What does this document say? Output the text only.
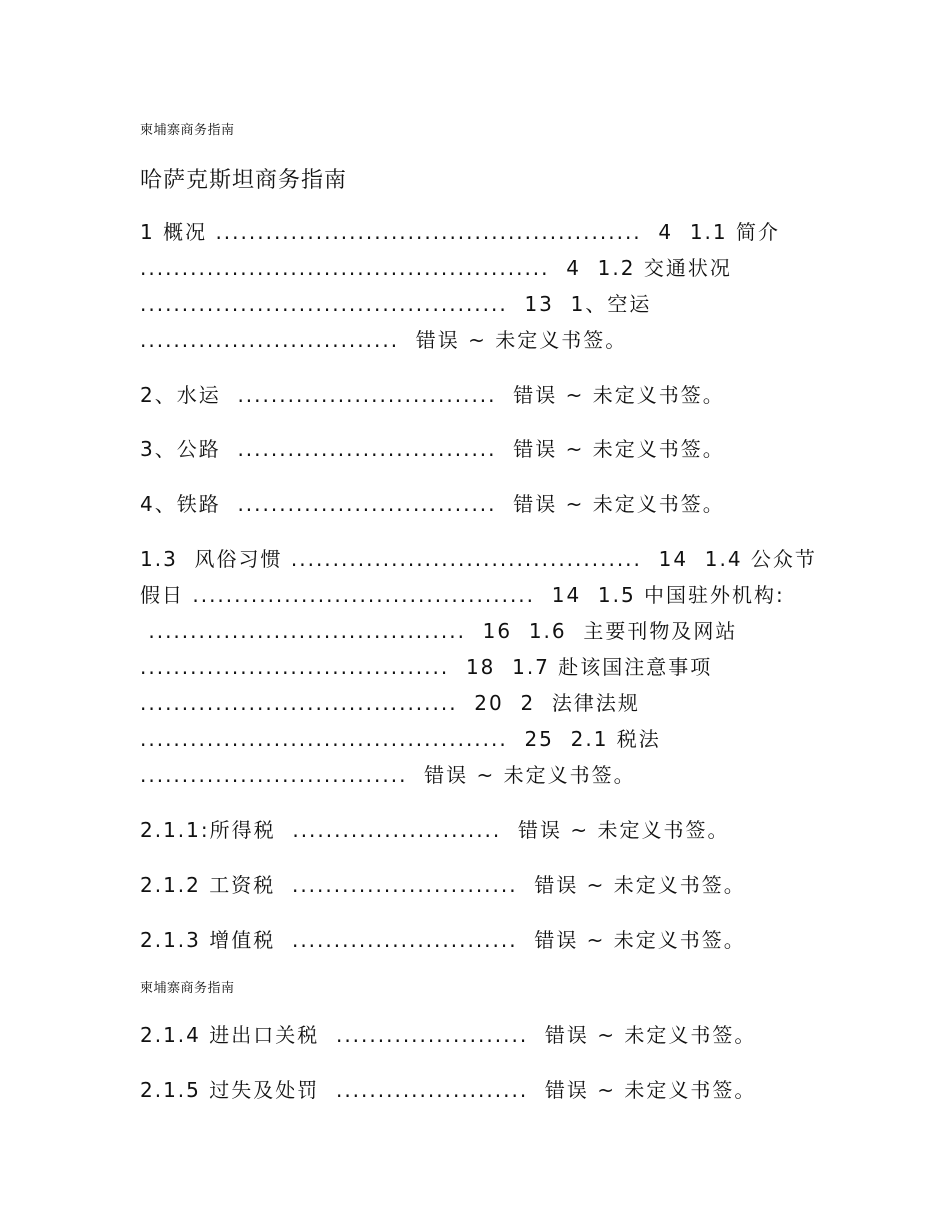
柬埔寨商务指南
哈萨克斯坦商务指南
1 概况 ...................................................  4  1.1 简介
.................................................  4  1.2 交通状况
............................................  13  1、空运
...............................  错误 ~ 未定义书签。
2、水运  ...............................  错误 ~ 未定义书签。
3、公路  ...............................  错误 ~ 未定义书签。
4、铁路  ...............................  错误 ~ 未定义书签。
1.3  风俗习惯 ..........................................  14  1.4 公众节
假日 .........................................  14  1.5 中国驻外机构:
......................................  16  1.6  主要刊物及网站
.....................................  18  1.7 赴该国注意事项
......................................  20  2  法律法规
............................................  25  2.1 税法
................................  错误 ~ 未定义书签。
2.1.1:所得税  .........................  错误 ~ 未定义书签。
2.1.2 工资税  ...........................  错误 ~ 未定义书签。
2.1.3 增值税  ...........................  错误 ~ 未定义书签。
柬埔寨商务指南
2.1.4 进出口关税  .......................  错误 ~ 未定义书签。
2.1.5 过失及处罚  .......................  错误 ~ 未定义书签。
